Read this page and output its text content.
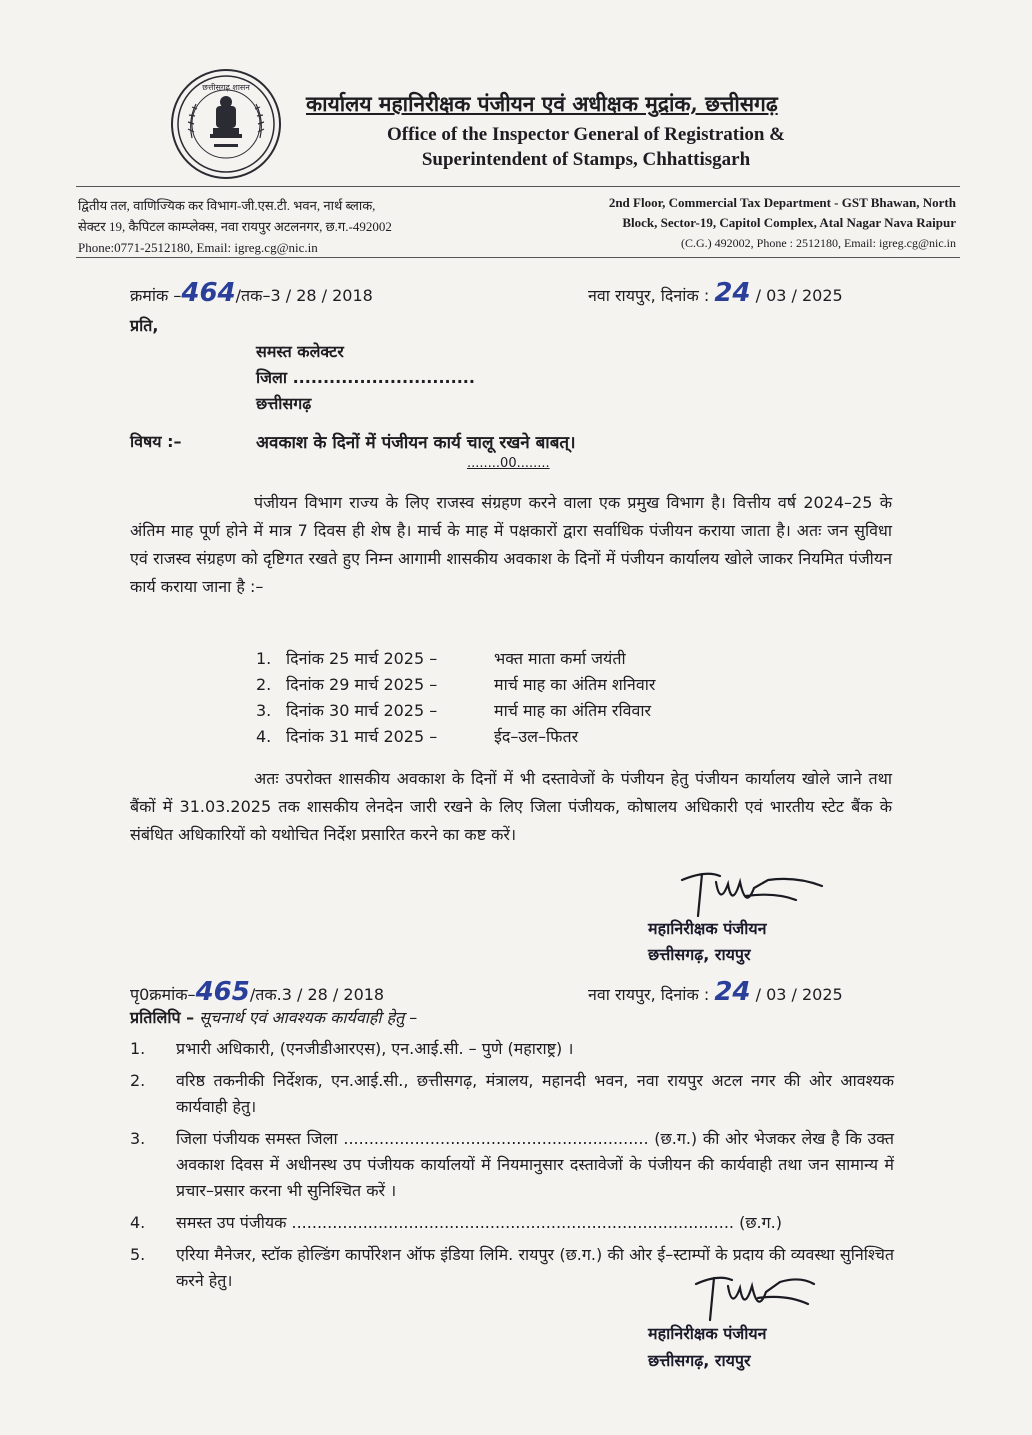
छत्तीसगढ़ शासन
कार्यालय महानिरीक्षक पंजीयन एवं अधीक्षक मुद्रांक, छत्तीसगढ़
Office of the Inspector General of Registration &
Superintendent of Stamps, Chhattisgarh
द्वितीय तल, वाणिज्यिक कर विभाग-जी.एस.टी. भवन, नार्थ ब्लाक,
सेक्टर 19, कैपिटल काम्प्लेक्स, नवा रायपुर अटलनगर, छ.ग.-492002
Phone:0771-2512180, Email: igreg.cg@nic.in
2nd Floor, Commercial Tax Department - GST Bhawan, North
Block, Sector-19, Capitol Complex, Atal Nagar Nava Raipur
(C.G.) 492002, Phone : 2512180, Email: igreg.cg@nic.in
क्रमांक –464/तक–3 / 28 / 2018	नवा रायपुर, दिनांक : 24 / 03 / 2025
प्रति,
समस्त कलेक्टर
जिला ..............................
छत्तीसगढ़
विषय :–	अवकाश के दिनों में पंजीयन कार्य चालू रखने बाबत्।
........00........
पंजीयन विभाग राज्य के लिए राजस्व संग्रहण करने वाला एक प्रमुख विभाग है। वित्तीय वर्ष 2024–25 के अंतिम माह पूर्ण होने में मात्र 7 दिवस ही शेष है। मार्च के माह में पक्षकारों द्वारा सर्वाधिक पंजीयन कराया जाता है। अतः जन सुविधा एवं राजस्व संग्रहण को दृष्टिगत रखते हुए निम्न आगामी शासकीय अवकाश के दिनों में पंजीयन कार्यालय खोले जाकर नियमित पंजीयन कार्य कराया जाना है :–
1. दिनांक 25 मार्च 2025 –	भक्त माता कर्मा जयंती
2. दिनांक 29 मार्च 2025 –	मार्च माह का अंतिम शनिवार
3. दिनांक 30 मार्च 2025 –	मार्च माह का अंतिम रविवार
4. दिनांक 31 मार्च 2025 –	ईद–उल–फितर
अतः उपरोक्त शासकीय अवकाश के दिनों में भी दस्तावेजों के पंजीयन हेतु पंजीयन कार्यालय खोले जाने तथा बैंकों में 31.03.2025 तक शासकीय लेनदेन जारी रखने के लिए जिला पंजीयक, कोषालय अधिकारी एवं भारतीय स्टेट बैंक के संबंधित अधिकारियों को यथोचित निर्देश प्रसारित करने का कष्ट करें।
महानिरीक्षक पंजीयन
छत्तीसगढ़, रायपुर
पृ0क्रमांक–465/तक.3 / 28 / 2018	नवा रायपुर, दिनांक : 24 / 03 / 2025
प्रतिलिपि – सूचनार्थ एवं आवश्यक कार्यवाही हेतु –
1.	प्रभारी अधिकारी, (एनजीडीआरएस), एन.आई.सी. – पुणे (महाराष्ट्र) ।
2.	वरिष्ठ तकनीकी निर्देशक, एन.आई.सी., छत्तीसगढ़, मंत्रालय, महानदी भवन, नवा रायपुर अटल नगर की ओर आवश्यक कार्यवाही हेतु।
3.	जिला पंजीयक समस्त जिला ............................................................ (छ.ग.) की ओर भेजकर लेख है कि उक्त अवकाश दिवस में अधीनस्थ उप पंजीयक कार्यालयों में नियमानुसार दस्तावेजों के पंजीयन की कार्यवाही तथा जन सामान्य में प्रचार–प्रसार करना भी सुनिश्चित करें ।
4.	समस्त उप पंजीयक ....................................................................................... (छ.ग.)
5.	एरिया मैनेजर, स्टॉक होल्डिंग कार्पोरेशन ऑफ इंडिया लिमि. रायपुर (छ.ग.) की ओर ई–स्टाम्पों के प्रदाय की व्यवस्था सुनिश्चित करने हेतु।
महानिरीक्षक पंजीयन
छत्तीसगढ़, रायपुर
